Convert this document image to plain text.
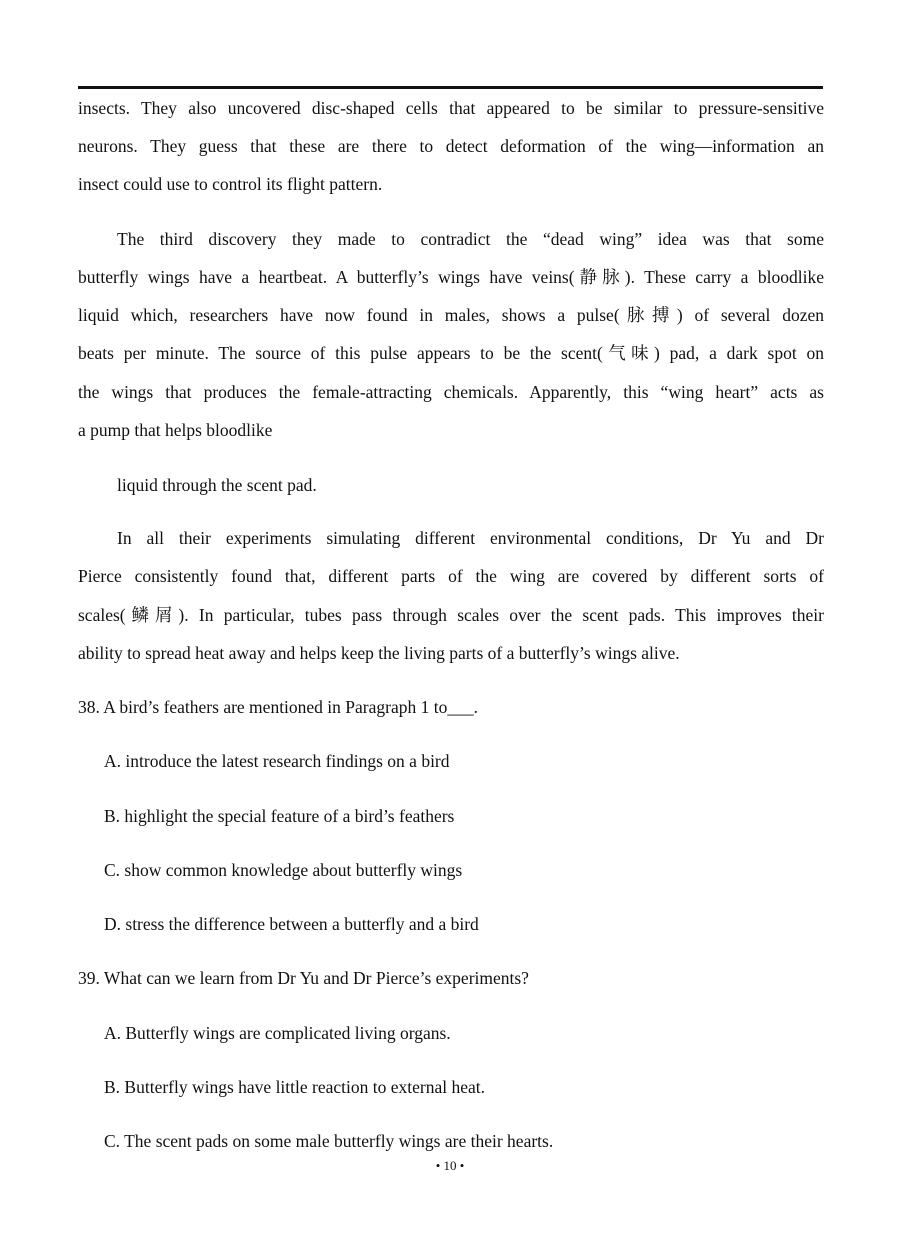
insects. They also uncovered disc-shaped cells that appeared to be similar to pressure-sensitive
neurons. They guess that these are there to detect deformation of the wing—information an
insect could use to control its flight pattern.
The third discovery they made to contradict the “dead wing” idea was that some
butterfly wings have a heartbeat. A butterfly’s wings have veins(静脉). These carry a bloodlike
liquid which, researchers have now found in males, shows a pulse(脉搏) of several dozen
beats per minute. The source of this pulse appears to be the scent(气味) pad, a dark spot on
the wings that produces the female-attracting chemicals. Apparently, this “wing heart” acts as
a pump that helps bloodlike
liquid through the scent pad.
In all their experiments simulating different environmental conditions, Dr Yu and Dr
Pierce consistently found that, different parts of the wing are covered by different sorts of
scales(鳞屑). In particular, tubes pass through scales over the scent pads. This improves their
ability to spread heat away and helps keep the living parts of a butterfly’s wings alive.
38. A bird’s feathers are mentioned in Paragraph 1 to___.
A. introduce the latest research findings on a bird
B. highlight the special feature of a bird’s feathers
C. show common knowledge about butterfly wings
D. stress the difference between a butterfly and a bird
39. What can we learn from Dr Yu and Dr Pierce’s experiments?
A. Butterfly wings are complicated living organs.
B. Butterfly wings have little reaction to external heat.
C. The scent pads on some male butterfly wings are their hearts.
• 10 •
